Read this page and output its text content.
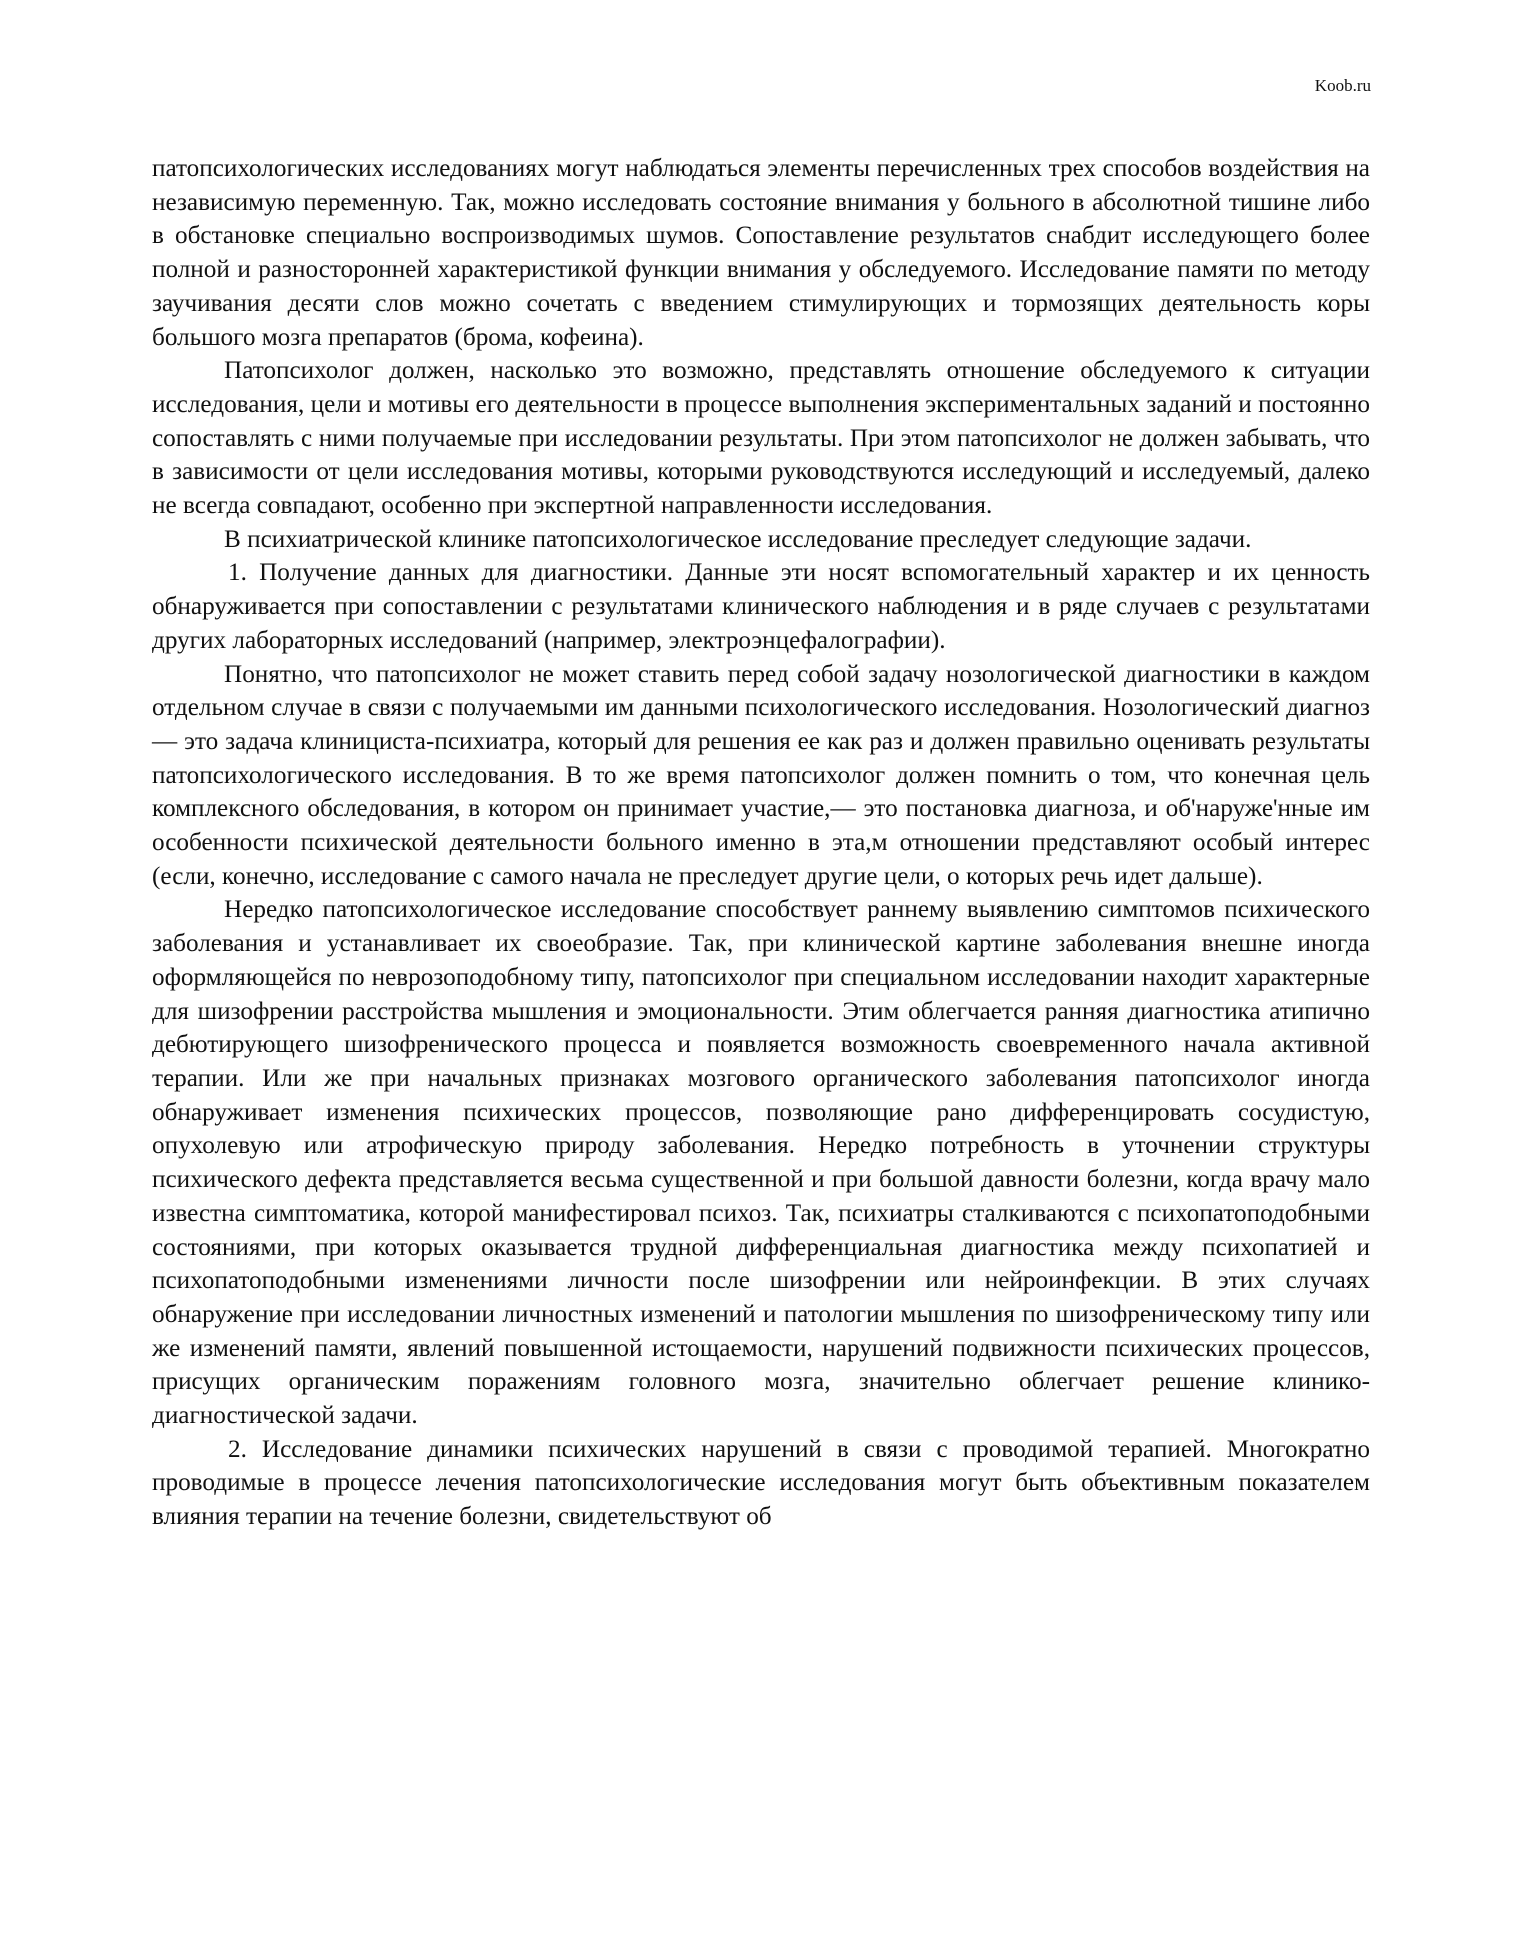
Koob.ru

патопсихологических исследованиях могут наблюдаться элементы перечисленных трех способов воздействия на независимую переменную. Так, можно исследовать состояние внимания у больного в абсолютной тишине либо в обстановке специально воспроизводимых шумов. Сопоставление результатов снабдит исследующего более полной и разносторонней характеристикой функции внимания у обследуемого. Исследование памяти по методу заучивания десяти слов можно сочетать с введением стимулирующих и тормозящих деятельность коры большого мозга препаратов (брома, кофеина).

Патопсихолог должен, насколько это возможно, представлять отношение обследуемого к ситуации исследования, цели и мотивы его деятельности в процессе выполнения экспериментальных заданий и постоянно сопоставлять с ними получаемые при исследовании результаты. При этом патопсихолог не должен забывать, что в зависимости от цели исследования мотивы, которыми руководствуются исследующий и исследуемый, далеко не всегда совпадают, особенно при экспертной направленности исследования.

В психиатрической клинике патопсихологическое исследование преследует следующие задачи.

1. Получение данных для диагностики. Данные эти носят вспомогательный характер и их ценность обнаруживается при сопоставлении с результатами клинического наблюдения и в ряде случаев с результатами других лабораторных исследований (например, электроэнцефалографии).

Понятно, что патопсихолог не может ставить перед собой задачу нозологической диагностики в каждом отдельном случае в связи с получаемыми им данными психологического исследования. Нозологический диагноз — это задача клинициста-психиатра, который для решения ее как раз и должен правильно оценивать результаты патопсихологического исследования. В то же время патопсихолог должен помнить о том, что конечная цель комплексного обследования, в котором он принимает участие,— это постановка диагноза, и об'наруже'нные им особенности психической деятельности больного именно в эта,м отношении представляют особый интерес (если, конечно, исследование с самого начала не преследует другие цели, о которых речь идет дальше).

Нередко патопсихологическое исследование способствует раннему выявлению симптомов психического заболевания и устанавливает их своеобразие. Так, при клинической картине заболевания внешне иногда оформляющейся по неврозоподобному типу, патопсихолог при специальном исследовании находит характерные для шизофрении расстройства мышления и эмоциональности. Этим облегчается ранняя диагностика атипично дебютирующего шизофренического процесса и появляется возможность своевременного начала активной терапии. Или же при начальных признаках мозгового органического заболевания патопсихолог иногда обнаруживает изменения психических процессов, позволяющие рано дифференцировать сосудистую, опухолевую или атрофическую природу заболевания. Нередко потребность в уточнении структуры психического дефекта представляется весьма существенной и при большой давности болезни, когда врачу мало известна симптоматика, которой манифестировал психоз. Так, психиатры сталкиваются с психопатоподобными состояниями, при которых оказывается трудной дифференциальная диагностика между психопатией и психопатоподобными изменениями личности после шизофрении или нейроинфекции. В этих случаях обнаружение при исследовании личностных изменений и патологии мышления по шизофреническому типу или же изменений памяти, явлений повышенной истощаемости, нарушений подвижности психических процессов, присущих органическим поражениям головного мозга, значительно облегчает решение клинико-диагностической задачи.

2. Исследование динамики психических нарушений в связи с проводимой терапией. Многократно проводимые в процессе лечения патопсихологические исследования могут быть объективным показателем влияния терапии на течение болезни, свидетельствуют об
